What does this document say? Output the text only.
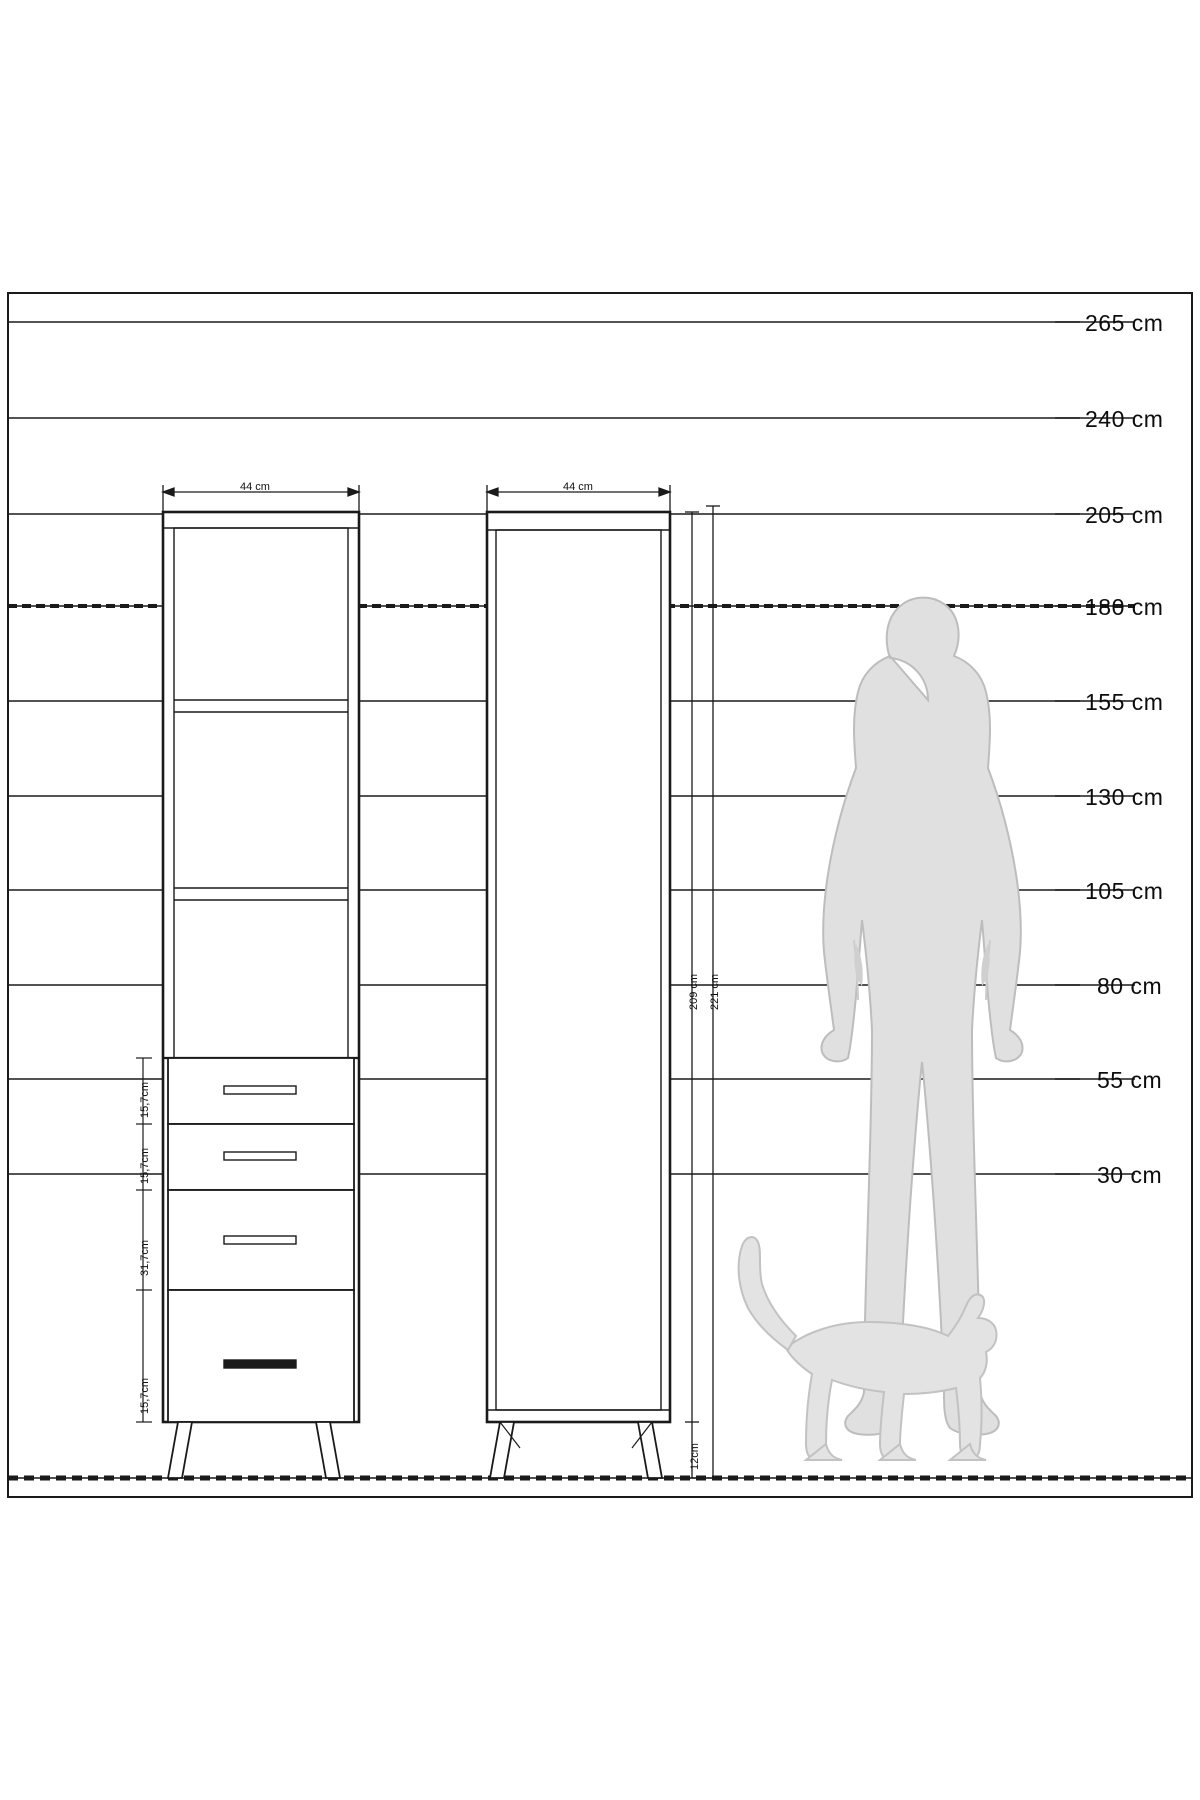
265 cm
240 cm
205 cm
180 cm
155 cm
130 cm
105 cm
80 cm
55 cm
30 cm
44 cm	44 cm
209 cm 221 cm
12cm
15,7cm
15,7cm
31,7cm
15,7cm
